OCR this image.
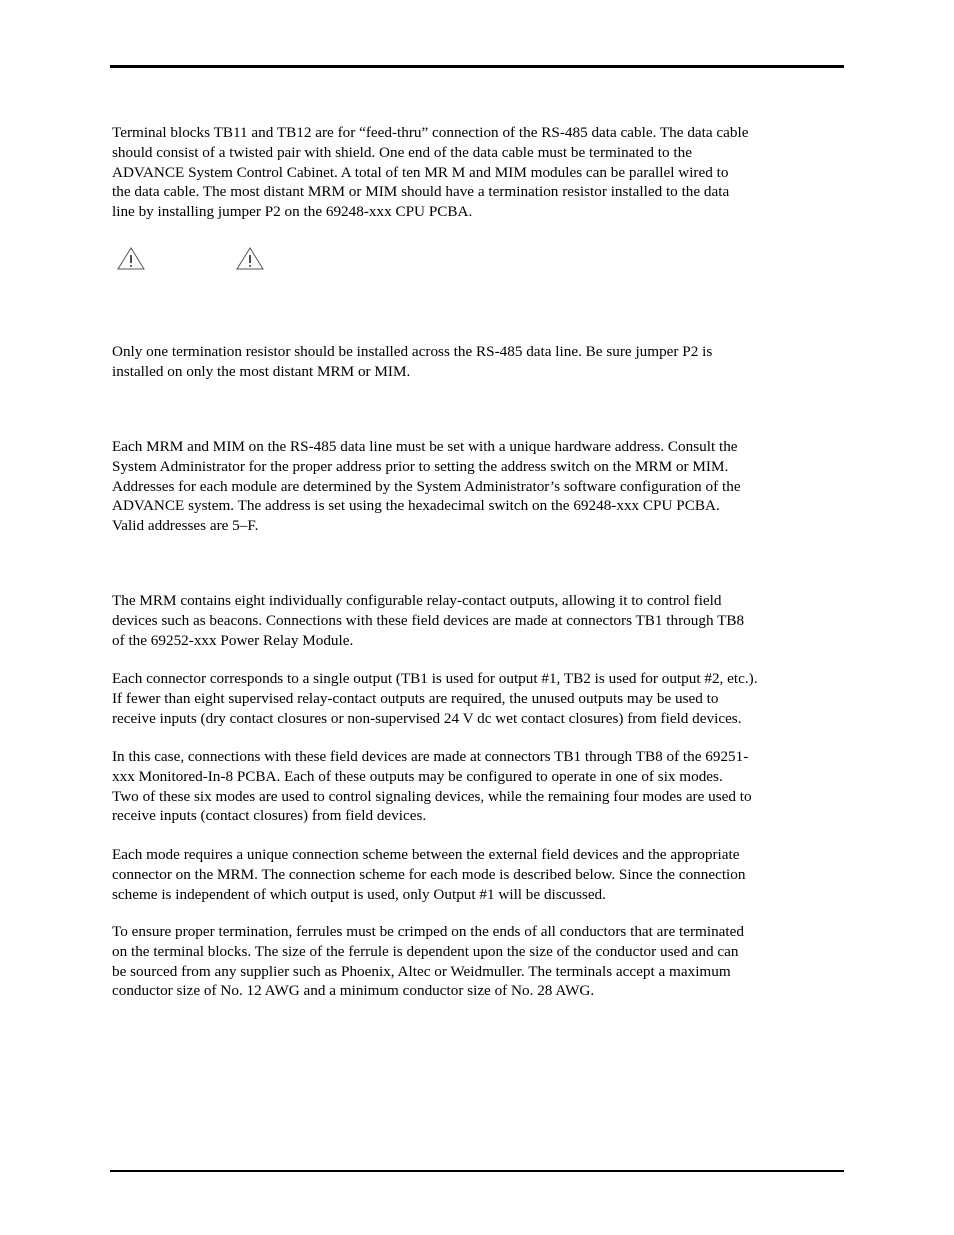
Terminal blocks TB11 and TB12 are for “feed-thru” connection of the RS-485 data cable. The data cable
should consist of a twisted pair with shield. One end of the data cable must be terminated to the
ADVANCE System Control Cabinet. A total of ten MR M and MIM modules can be parallel wired to
the data cable. The most distant MRM or MIM should have a termination resistor installed to the data
line by installing jumper P2 on the 69248-xxx CPU PCBA.

Only one termination resistor should be installed across the RS-485 data line. Be sure jumper P2 is
installed on only the most distant MRM or MIM.

Each MRM and MIM on the RS-485 data line must be set with a unique hardware address. Consult the
System Administrator for the proper address prior to setting the address switch on the MRM or MIM.
Addresses for each module are determined by the System Administrator’s software configuration of the
ADVANCE system. The address is set using the hexadecimal switch on the 69248-xxx CPU PCBA.
Valid addresses are 5–F.

The MRM contains eight individually configurable relay-contact outputs, allowing it to control field
devices such as beacons. Connections with these field devices are made at connectors TB1 through TB8
of the 69252-xxx Power Relay Module.

Each connector corresponds to a single output (TB1 is used for output #1, TB2 is used for output #2, etc.).
If fewer than eight supervised relay-contact outputs are required, the unused outputs may be used to
receive inputs (dry contact closures or non-supervised 24 V dc wet contact closures) from field devices.

In this case, connections with these field devices are made at connectors TB1 through TB8 of the 69251-
xxx Monitored-In-8 PCBA. Each of these outputs may be configured to operate in one of six modes.
Two of these six modes are used to control signaling devices, while the remaining four modes are used to
receive inputs (contact closures) from field devices.

Each mode requires a unique connection scheme between the external field devices and the appropriate
connector on the MRM. The connection scheme for each mode is described below. Since the connection
scheme is independent of which output is used, only Output #1 will be discussed.

To ensure proper termination, ferrules must be crimped on the ends of all conductors that are terminated
on the terminal blocks. The size of the ferrule is dependent upon the size of the conductor used and can
be sourced from any supplier such as Phoenix, Altec or Weidmuller. The terminals accept a maximum
conductor size of No. 12 AWG and a minimum conductor size of No. 28 AWG.
